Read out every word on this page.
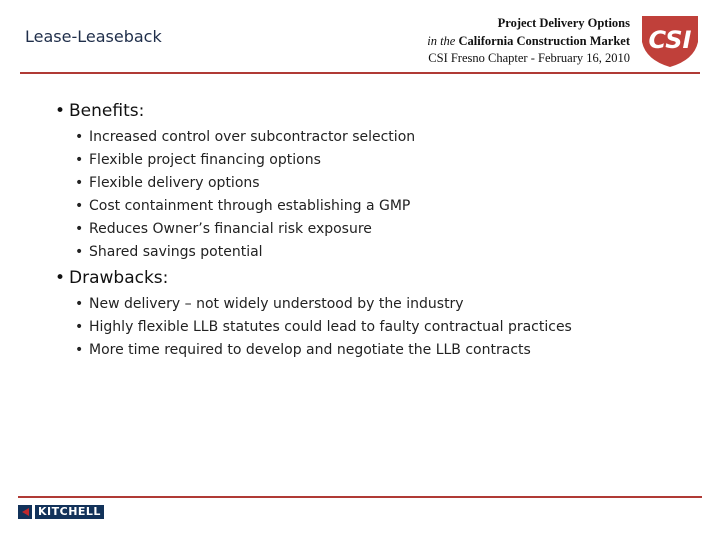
Lease-Leaseback
Project Delivery Options
in the California Construction Market
CSI Fresno Chapter - February 16, 2010
CSI
• Benefits:
• Increased control over subcontractor selection
• Flexible project financing options
• Flexible delivery options
• Cost containment through establishing a GMP
• Reduces Owner’s financial risk exposure
• Shared savings potential
• Drawbacks:
• New delivery – not widely understood by the industry
• Highly flexible LLB statutes could lead to faulty contractual practices
• More time required to develop and negotiate the LLB contracts
KITCHELL
